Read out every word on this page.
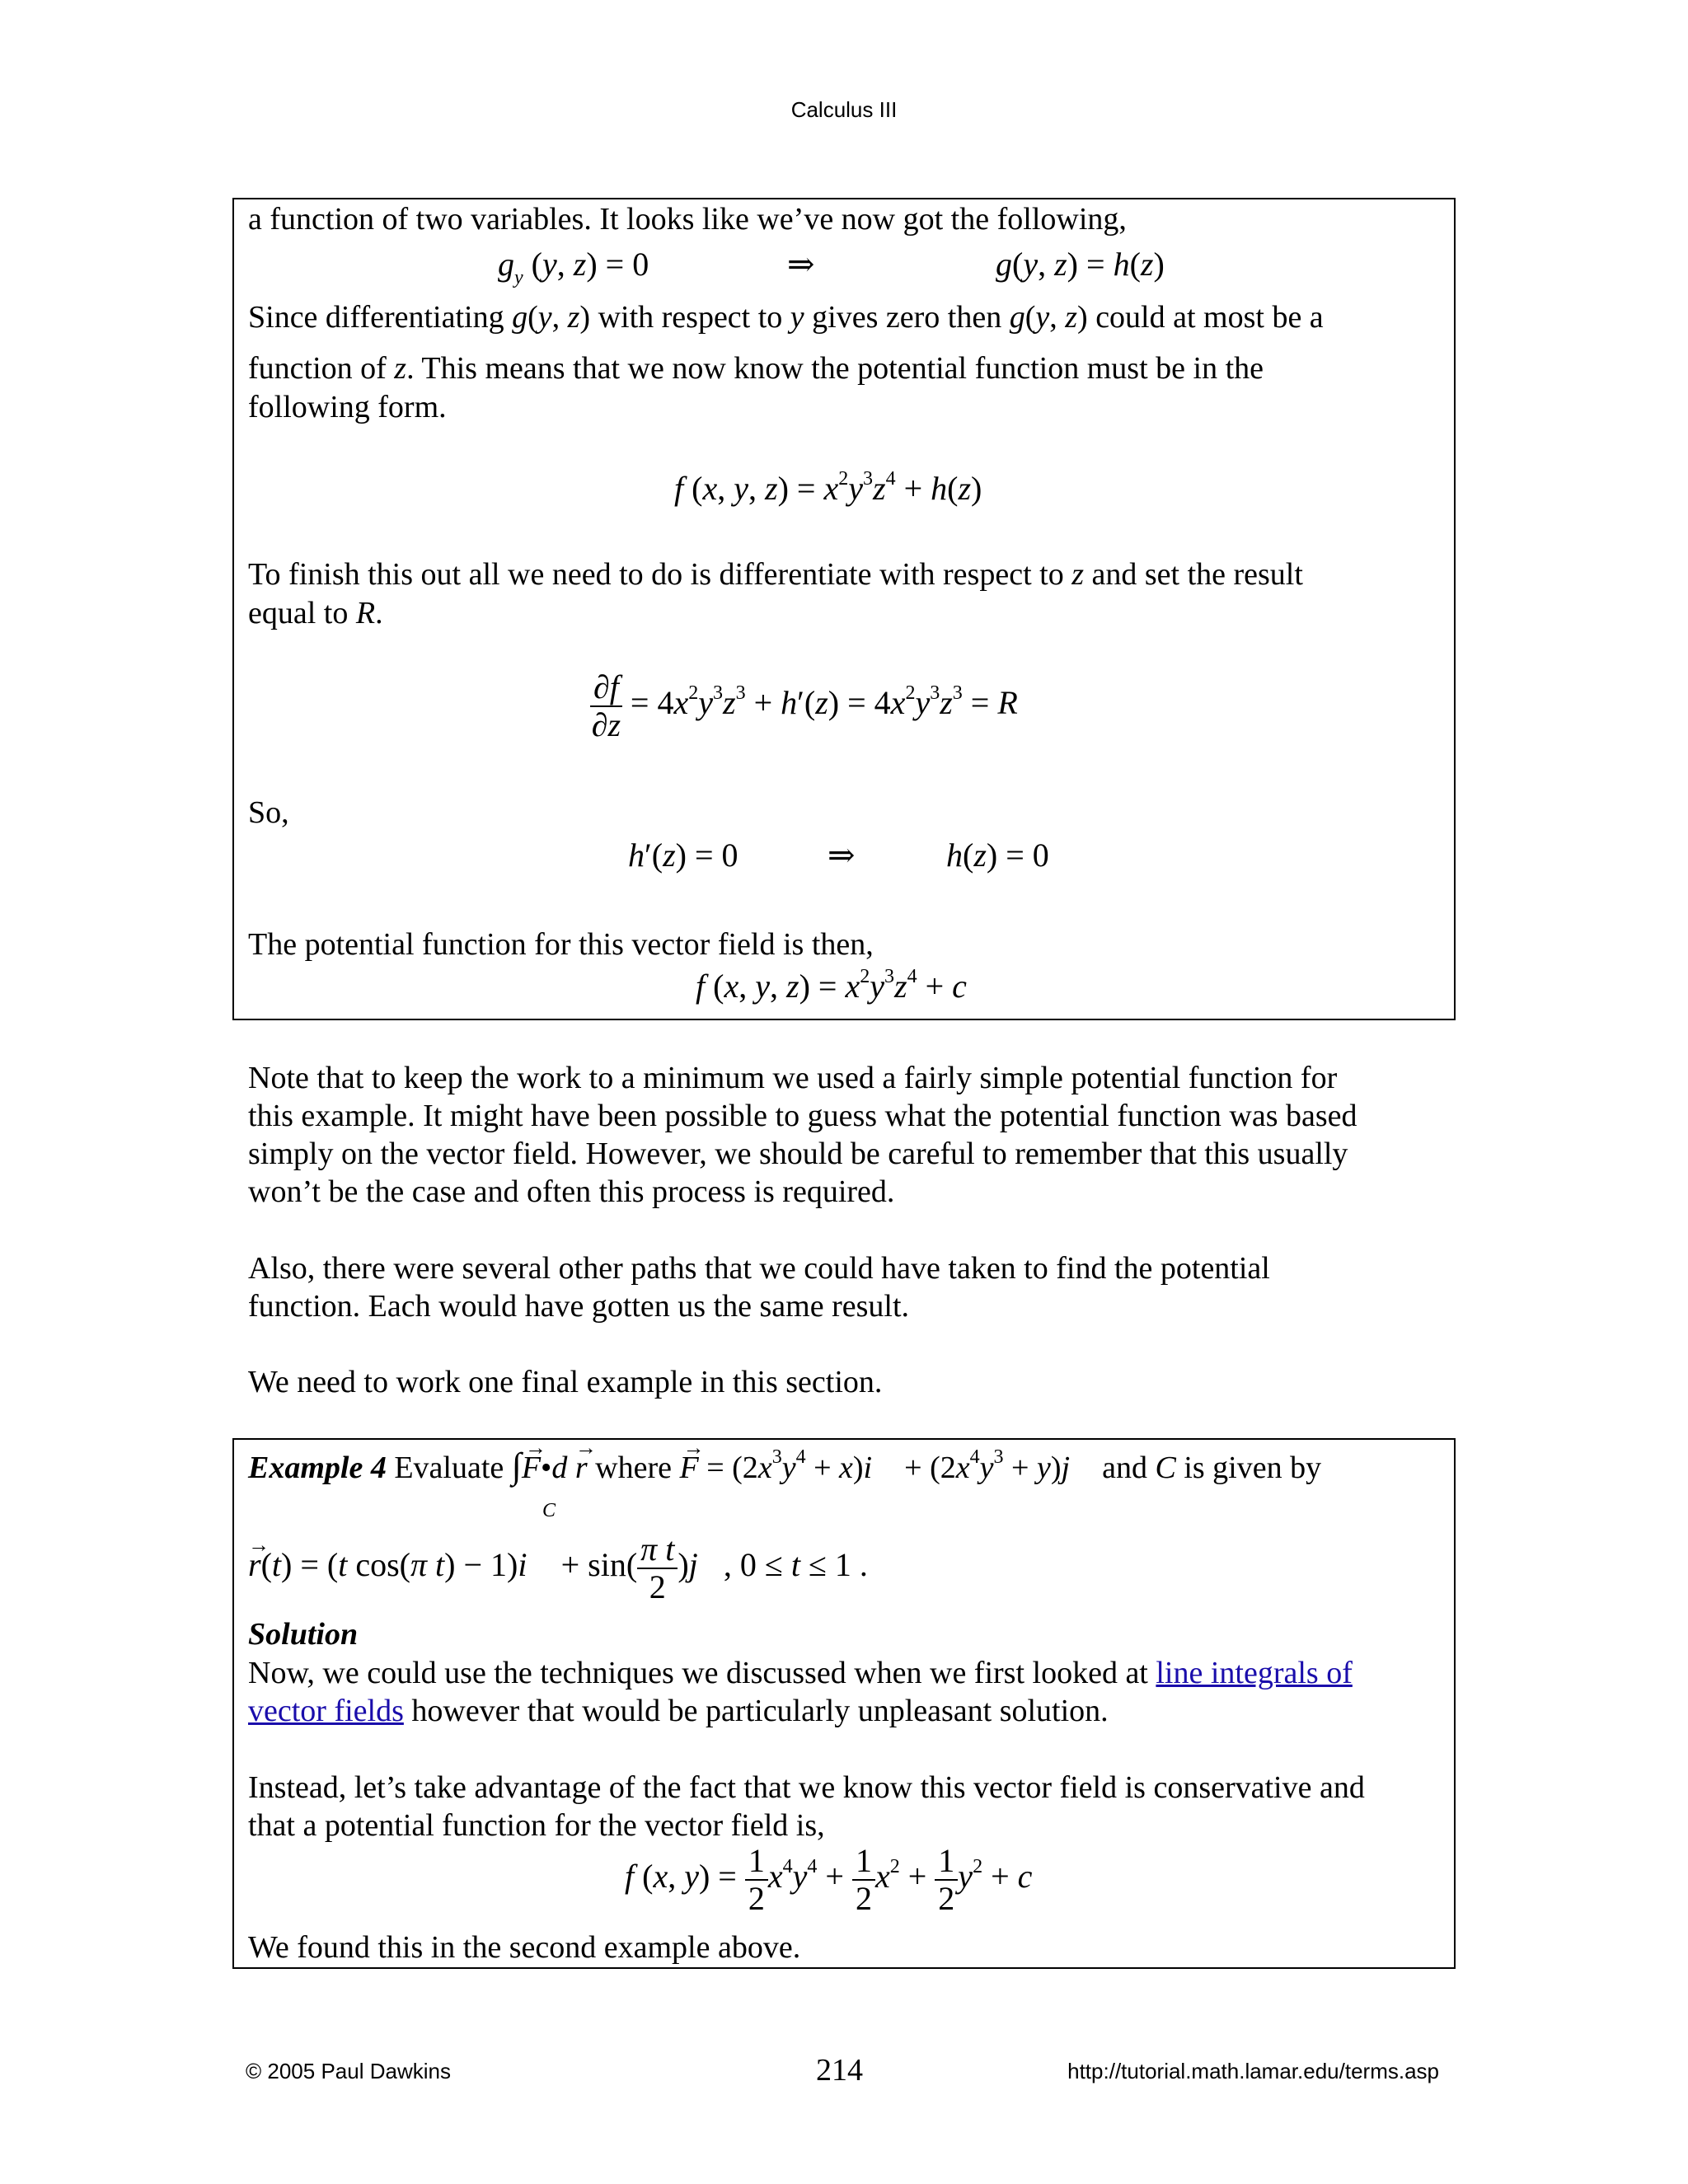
Calculus III
a function of two variables. It looks like we’ve now got the following,
$g_y$ (y, z) = 0	⇒	g(y, z) = h(z)
Since differentiating g(y, z) with respect to y gives zero then g(y, z) could at most be a
function of z. This means that we now know the potential function must be in the
following form.
f (x, y, $z) = x^2y^3z^4 + h(z)$
To finish this out all we need to do is differentiate with respect to z and set the result
equal to R.
$\frac{\partial f}{\partial z} = 4x^2y^3z^3 + h'(z) = 4x^2y^3z^3 = R$
So,
h′(z) = 0	⇒	h(z) = 0
The potential function for this vector field is then,
f (x, y, $z) = x^2y^3z^4 + c$
Note that to keep the work to a minimum we used a fairly simple potential function for
this example. It might have been possible to guess what the potential function was based
simply on the vector field. However, we should be careful to remember that this usually
won’t be the case and often this process is required.
Also, there were several other paths that we could have taken to find the potential
function. Each would have gotten us the same result.
We need to work one final example in this section.
Example 4 Evaluate ∫F
→
•d r
→
where F
→
= ($2x^3y^4$ + x)i⃗ + ($2x^4y^3$ + y)j⃗ and C is given by
C
r
→
(t) = (t cos(π t) − 1)i⃗ + $\sin( \frac{\text{π t}}{2}$ )j⃗, 0 ≤ t ≤ 1 .
Solution
Now, we could use the techniques we discussed when we first looked at line integrals of
vector fields however that would be particularly unpleasant solution.
Instead, let’s take advantage of the fact that we know this vector field is conservative and
that a potential function for the vector field is,
f (x, $y) = \frac{1}{2} x^4y^4 + \frac{1}{2} x^2 + \frac{1}{2} y^2 + c$
We found this in the second example above.
© 2005 Paul Dawkins	214	http://tutorial.math.lamar.edu/terms.asp
